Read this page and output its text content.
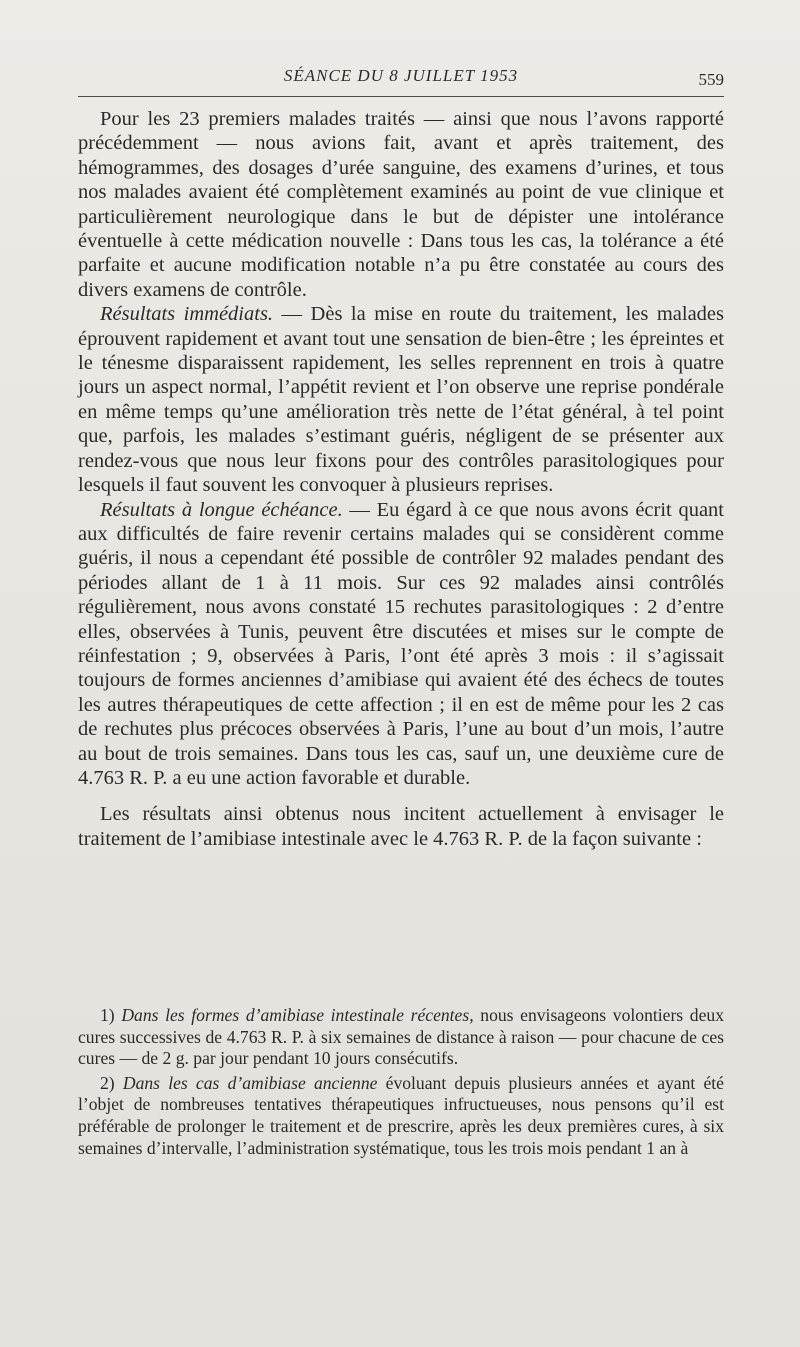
SÉANCE DU 8 JUILLET 1953	559

Pour les 23 premiers malades traités — ainsi que nous l’avons rapporté précédemment — nous avions fait, avant et après traitement, des hémogrammes, des dosages d’urée sanguine, des examens d’urines, et tous nos malades avaient été complètement examinés au point de vue clinique et particulièrement neurologique dans le but de dépister une intolérance éventuelle à cette médication nouvelle : Dans tous les cas, la tolérance a été parfaite et aucune modification notable n’a pu être constatée au cours des divers examens de contrôle.

Résultats immédiats. — Dès la mise en route du traitement, les malades éprouvent rapidement et avant tout une sensation de bien-être ; les épreintes et le ténesme disparaissent rapidement, les selles reprennent en trois à quatre jours un aspect normal, l’appétit revient et l’on observe une reprise pondérale en même temps qu’une amélioration très nette de l’état général, à tel point que, parfois, les malades s’estimant guéris, négligent de se présenter aux rendez-vous que nous leur fixons pour des contrôles parasitologiques pour lesquels il faut souvent les convoquer à plusieurs reprises.

Résultats à longue échéance. — Eu égard à ce que nous avons écrit quant aux difficultés de faire revenir certains malades qui se considèrent comme guéris, il nous a cependant été possible de contrôler 92 malades pendant des périodes allant de 1 à 11 mois. Sur ces 92 malades ainsi contrôlés régulièrement, nous avons constaté 15 rechutes parasitologiques : 2 d’entre elles, observées à Tunis, peuvent être discutées et mises sur le compte de réinfestation ; 9, observées à Paris, l’ont été après 3 mois : il s’agissait toujours de formes anciennes d’amibiase qui avaient été des échecs de toutes les autres thérapeutiques de cette affection ; il en est de même pour les 2 cas de rechutes plus précoces observées à Paris, l’une au bout d’un mois, l’autre au bout de trois semaines. Dans tous les cas, sauf un, une deuxième cure de 4.763 R. P. a eu une action favorable et durable.

Les résultats ainsi obtenus nous incitent actuellement à envisager le traitement de l’amibiase intestinale avec le 4.763 R. P. de la façon suivante :

1) Dans les formes d’amibiase intestinale récentes, nous envisageons volontiers deux cures successives de 4.763 R. P. à six semaines de distance à raison — pour chacune de ces cures — de 2 g. par jour pendant 10 jours consécutifs.

2) Dans les cas d’amibiase ancienne évoluant depuis plusieurs années et ayant été l’objet de nombreuses tentatives thérapeutiques infructueuses, nous pensons qu’il est préférable de prolonger le traitement et de prescrire, après les deux premières cures, à six semaines d’intervalle, l’administration systématique, tous les trois mois pendant 1 an à
